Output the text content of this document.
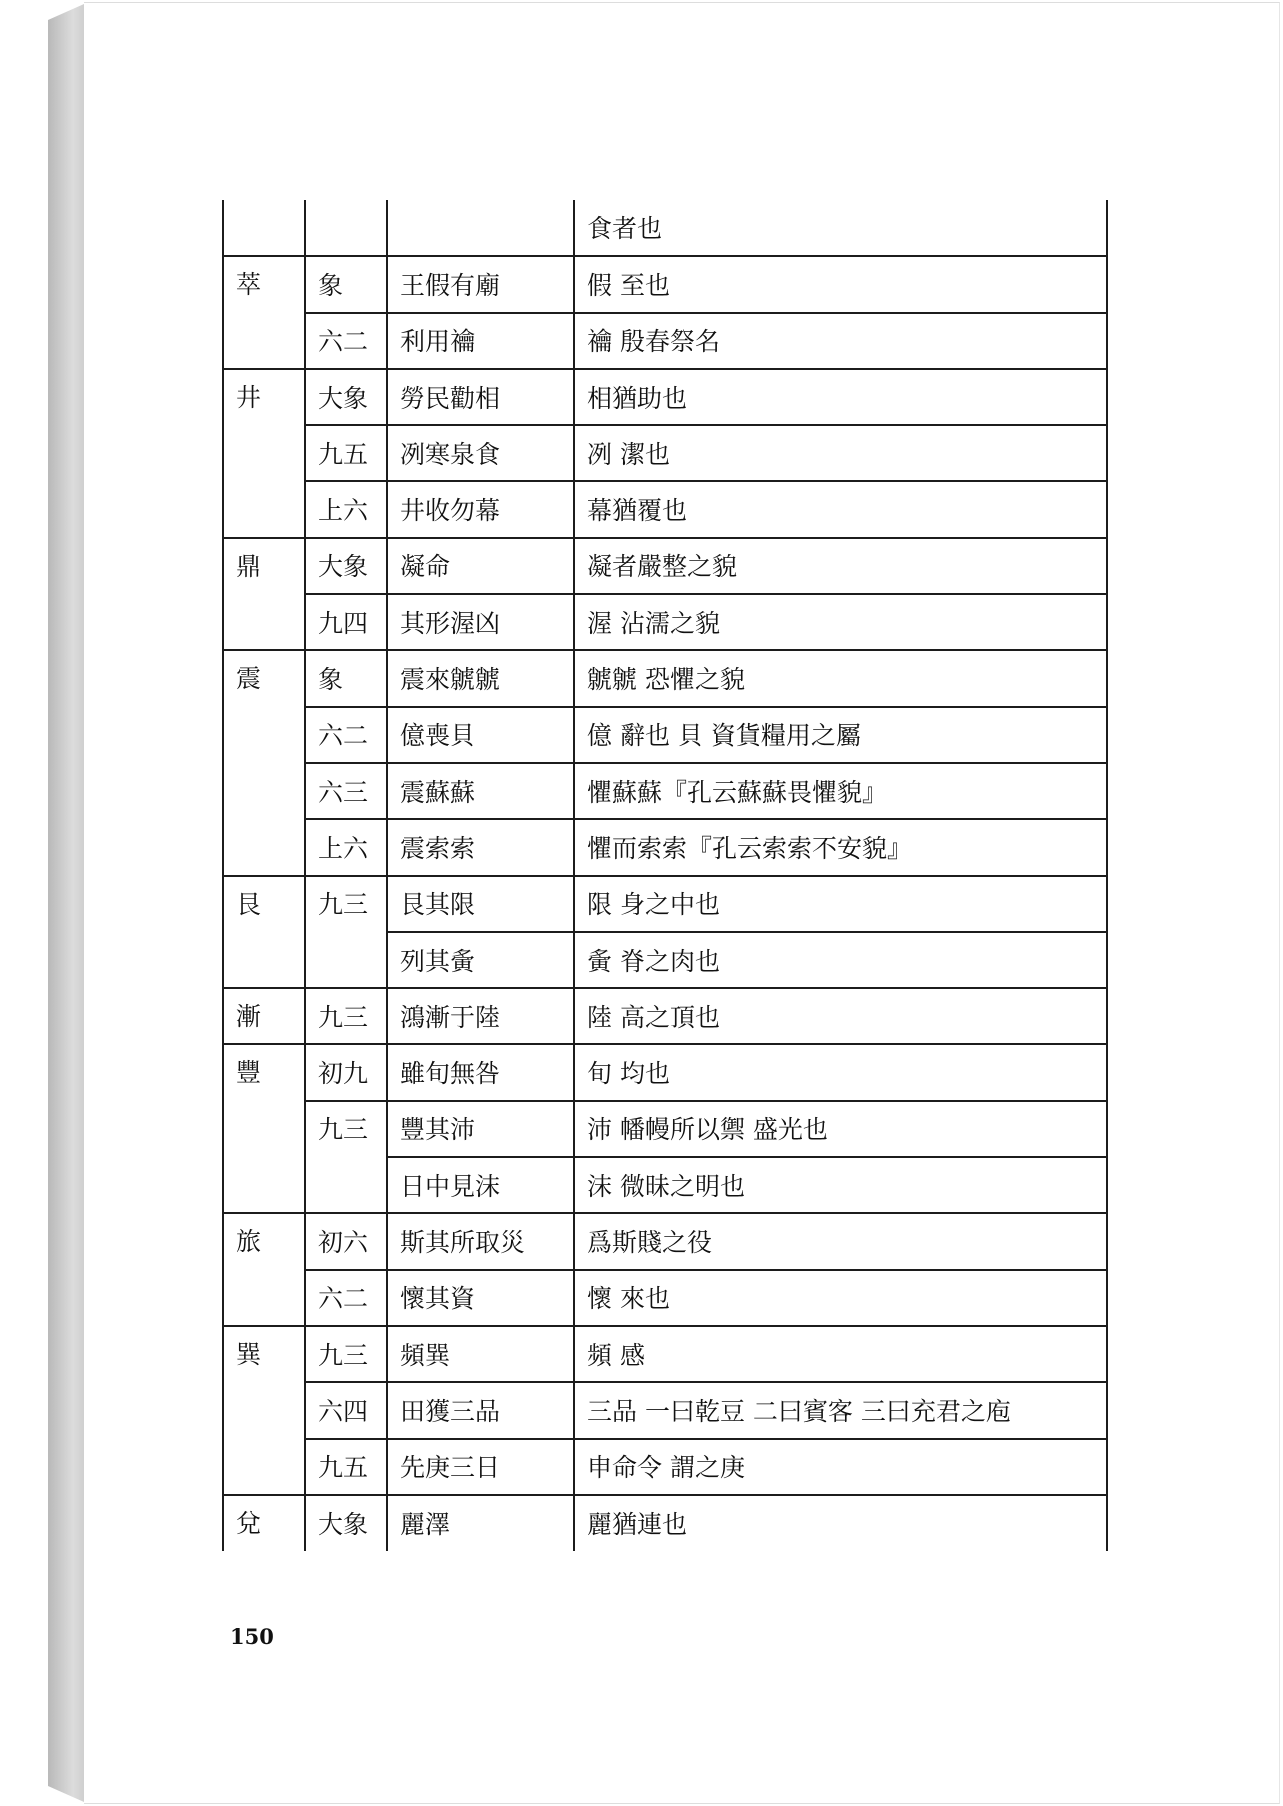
			食者也
萃	象	王假有廟	假 至也
	六二	利用禴	禴 殷春祭名
井	大象	勞民勸相	相猶助也
	九五	冽寒泉食	冽 潔也
	上六	井收勿幕	幕猶覆也
鼎	大象	凝命	凝者嚴整之貌
	九四	其形渥凶	渥 沾濡之貌
震	象	震來虩虩	虩虩 恐懼之貌
	六二	億喪貝	億 辭也 貝 資貨糧用之屬
	六三	震蘇蘇	懼蘇蘇『孔云蘇蘇畏懼貌』
	上六	震索索	懼而索索『孔云索索不安貌』
艮	九三	艮其限	限 身之中也
		列其夤	夤 脊之肉也
漸	九三	鴻漸于陸	陸 高之頂也
豐	初九	雖旬無咎	旬 均也
	九三	豐其沛	沛 幡幔所以禦 盛光也
		日中見沫	沫 微昧之明也
旅	初六	斯其所取災	爲斯賤之役
	六二	懷其資	懷 來也
巽	九三	頻巽	頻 感
	六四	田獲三品	三品 一曰乾豆 二曰賓客 三曰充君之庖
	九五	先庚三日	申命令 謂之庚
兌	大象	麗澤	麗猶連也
150
